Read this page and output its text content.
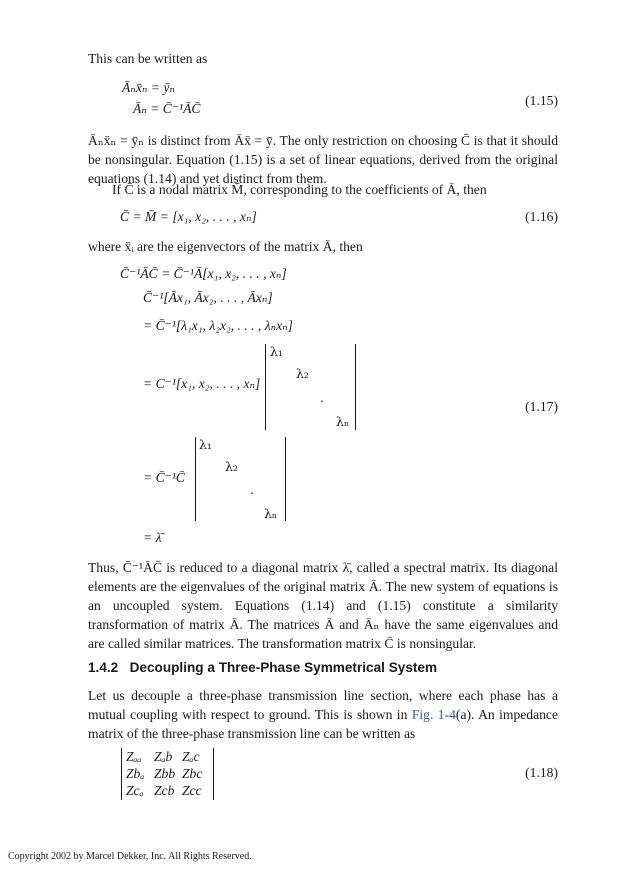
This can be written as
Āₙx̄ₙ = ȳₙ
Āₙ = C̄⁻¹ĀC̄
(1.15)
Āₙx̄ₙ = ȳₙ is distinct from Āx̄ = ȳ. The only restriction on choosing C̄ is that it should be nonsingular. Equation (1.15) is a set of linear equations, derived from the original equations (1.14) and yet distinct from them.
If C̄ is a nodal matrix M̄, corresponding to the coefficients of Ā, then
C̄ = M̄ = [x₁, x₂, . . . , xₙ]	(1.16)
where x̄ᵢ are the eigenvectors of the matrix Ā, then
C̄⁻¹ĀC̄ = C̄⁻¹Ā[x₁, x₂, . . . , xₙ]
C̄⁻¹[Āx₁, Āx₂, . . . , Āxₙ]
= C̄⁻¹[λ₁x₁, λ₂x₂, . . . , λₙxₙ]
= C⁻¹[x₁, x₂, . . . , xₙ]
λ₁
λ₂
.
λₙ
(1.17)
= C̄⁻¹C̄
λ₁
λ₂
.
λₙ
= λ̄
Thus, C̄⁻¹ĀC̄ is reduced to a diagonal matrix λ̄, called a spectral matrix. Its diagonal elements are the eigenvalues of the original matrix Ā. The new system of equations is an uncoupled system. Equations (1.14) and (1.15) constitute a similarity transformation of matrix Ā. The matrices Ā and Āₙ have the same eigenvalues and are called similar matrices. The transformation matrix C̄ is nonsingular.
1.4.2 Decoupling a Three-Phase Symmetrical System
Let us decouple a three-phase transmission line section, where each phase has a mutual coupling with respect to ground. This is shown in Fig. 1-4(a). An impedance matrix of the three-phase transmission line can be written as
Zₐₐ Zₐb Zₐc
Zbₐ Zbb Zbc
Zcₐ Zcb Zcc
(1.18)
Copyright 2002 by Marcel Dekker, Inc. All Rights Reserved.
